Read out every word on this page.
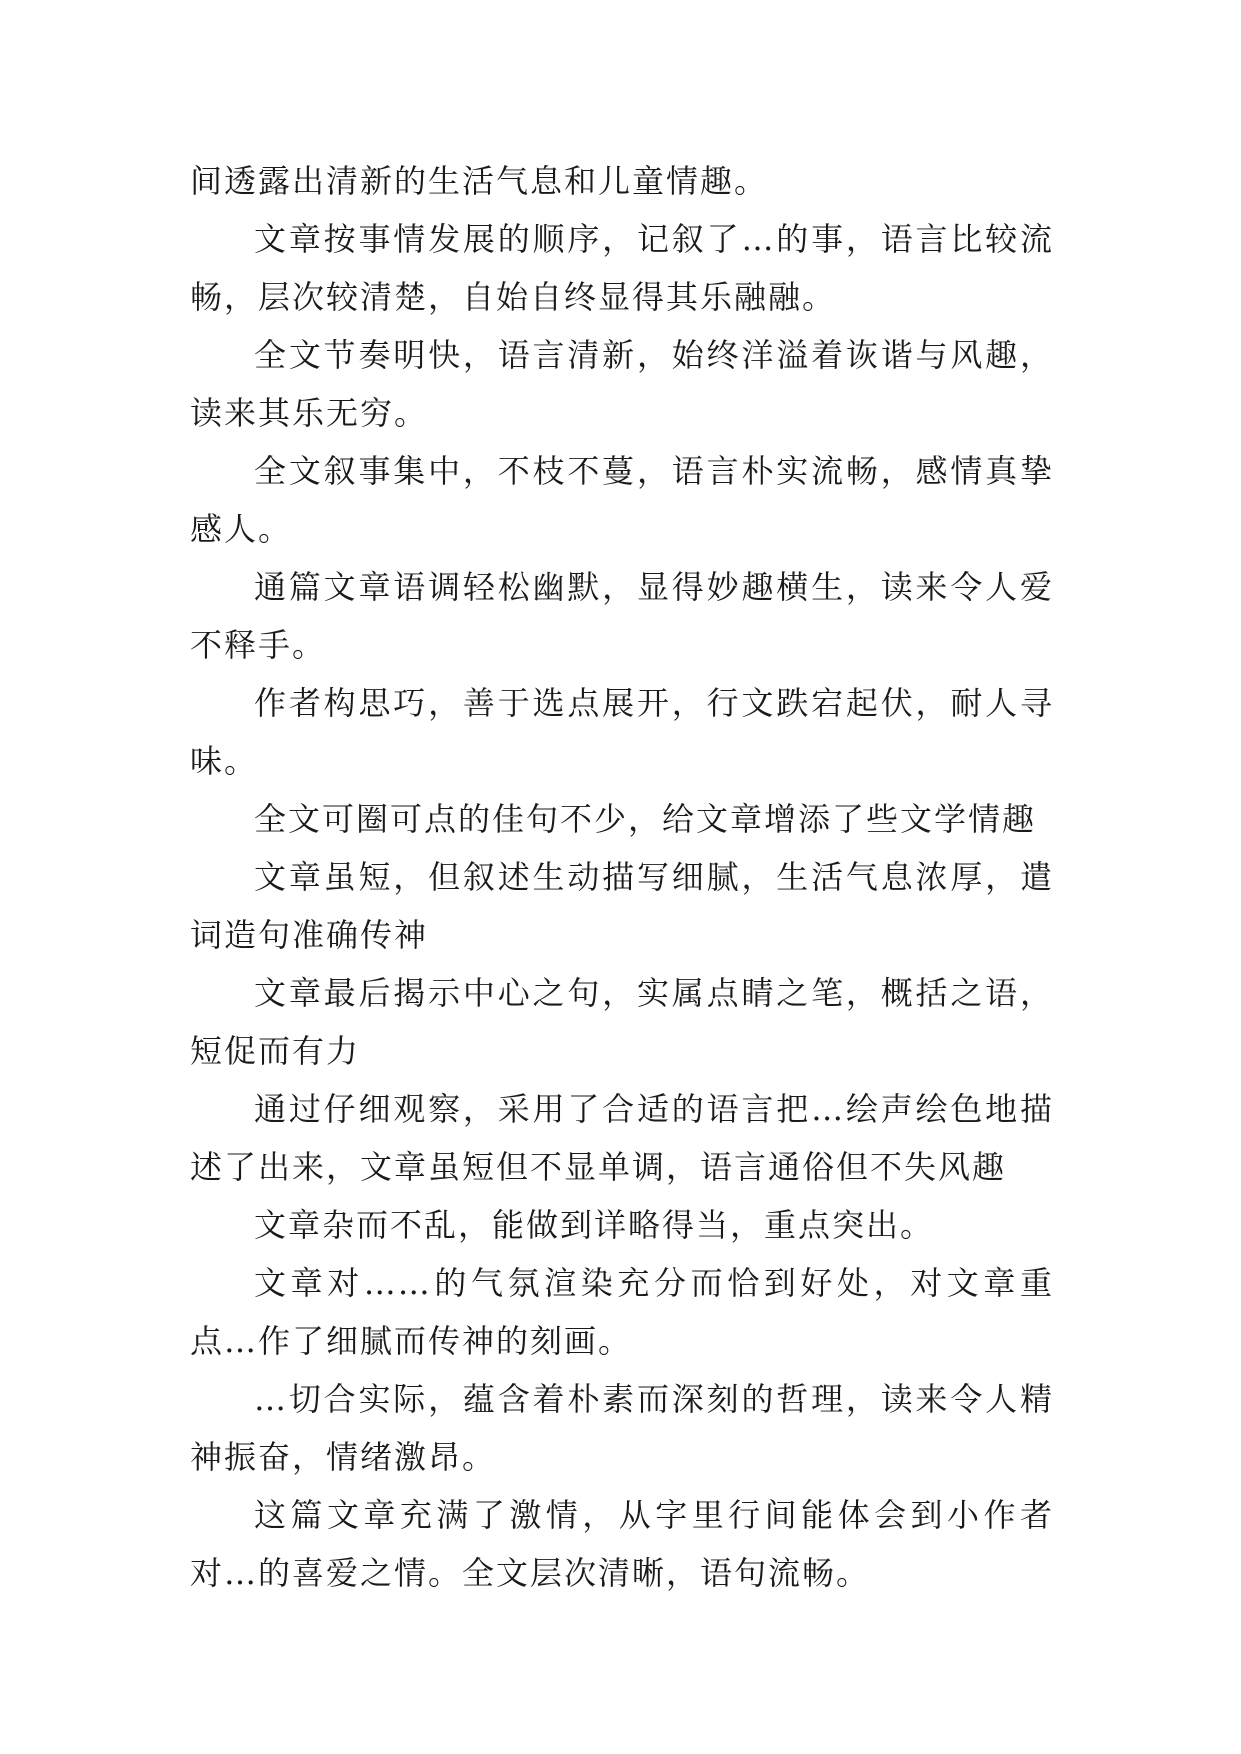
间透露出清新的生活气息和儿童情趣。

文章按事情发展的顺序，记叙了…的事，语言比较流畅，层次较清楚，自始自终显得其乐融融。

全文节奏明快，语言清新，始终洋溢着诙谐与风趣，读来其乐无穷。

全文叙事集中，不枝不蔓，语言朴实流畅，感情真挚感人。

通篇文章语调轻松幽默，显得妙趣横生，读来令人爱不释手。

作者构思巧，善于选点展开，行文跌宕起伏，耐人寻味。

全文可圈可点的佳句不少，给文章增添了些文学情趣

文章虽短，但叙述生动描写细腻，生活气息浓厚，遣词造句准确传神

文章最后揭示中心之句，实属点睛之笔，概括之语，短促而有力

通过仔细观察，采用了合适的语言把…绘声绘色地描述了出来，文章虽短但不显单调，语言通俗但不失风趣

文章杂而不乱，能做到详略得当，重点突出。

文章对……的气氛渲染充分而恰到好处，对文章重点…作了细腻而传神的刻画。

…切合实际，蕴含着朴素而深刻的哲理，读来令人精神振奋，情绪激昂。

这篇文章充满了激情，从字里行间能体会到小作者对…的喜爱之情。全文层次清晰，语句流畅。
